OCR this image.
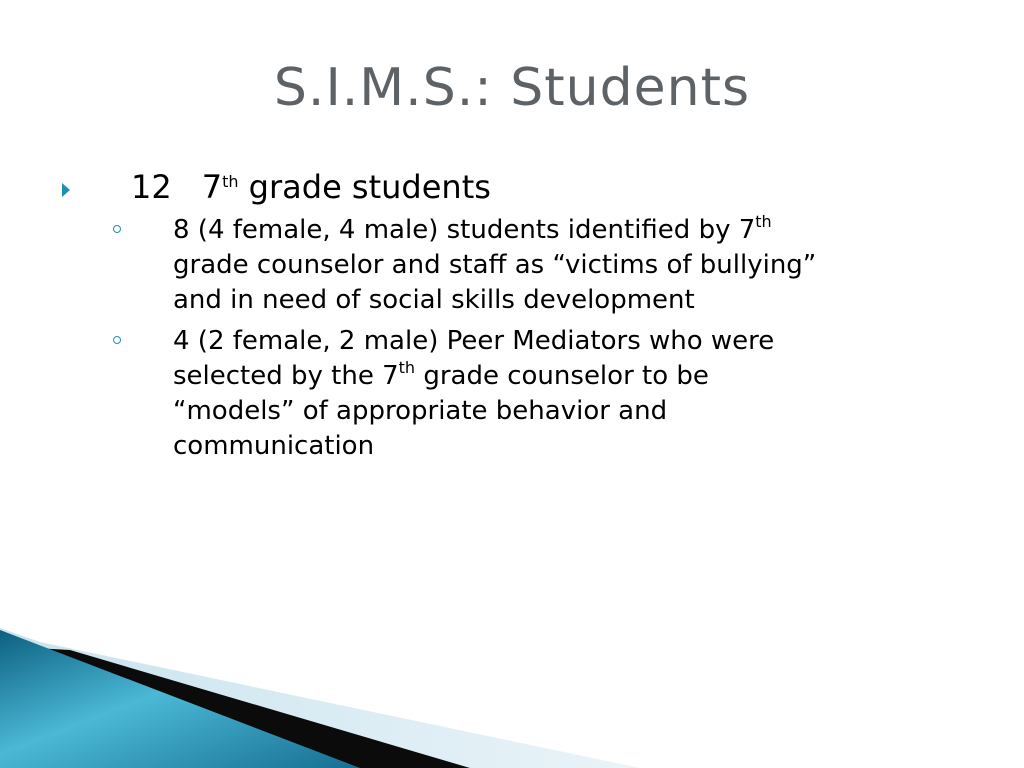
S.I.M.S.: Students
12 7th grade students
8 (4 female, 4 male) students identified by 7th
grade counselor and staff as “victims of bullying”
and in need of social skills development
4 (2 female, 2 male) Peer Mediators who were
selected by the 7th grade counselor to be
“models” of appropriate behavior and
communication
